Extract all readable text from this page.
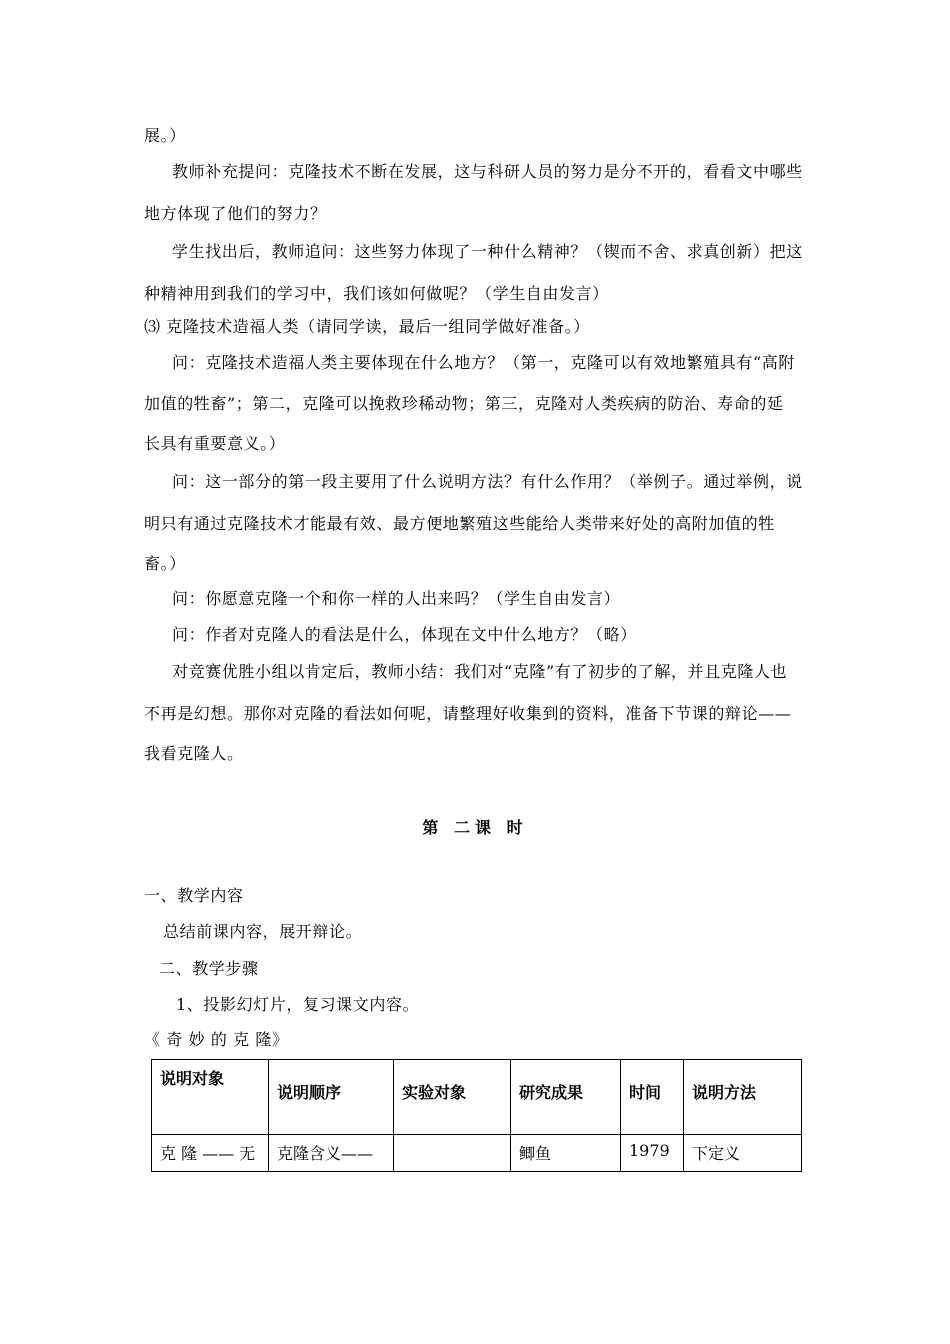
展。）
教师补充提问：克隆技术不断在发展，这与科研人员的努力是分不开的，看看文中哪些
地方体现了他们的努力？
学生找出后，教师追问：这些努力体现了一种什么精神？（锲而不舍、求真创新）把这
种精神用到我们的学习中，我们该如何做呢？（学生自由发言）
⑶ 克隆技术造福人类（请同学读，最后一组同学做好准备。）
问：克隆技术造福人类主要体现在什么地方？（第一，克隆可以有效地繁殖具有“高附
加值的牲畜”；第二，克隆可以挽救珍稀动物；第三，克隆对人类疾病的防治、寿命的延
长具有重要意义。）
问：这一部分的第一段主要用了什么说明方法？有什么作用？（举例子。通过举例，说
明只有通过克隆技术才能最有效、最方便地繁殖这些能给人类带来好处的高附加值的牲
畜。）
问：你愿意克隆一个和你一样的人出来吗？（学生自由发言）
问：作者对克隆人的看法是什么，体现在文中什么地方？（略）
对竞赛优胜小组以肯定后，教师小结：我们对“克隆”有了初步的了解，并且克隆人也
不再是幻想。那你对克隆的看法如何呢，请整理好收集到的资料，准备下节课的辩论——
我看克隆人。
第 二课 时
一、教学内容
总结前课内容，展开辩论。
二、教学步骤
1、投影幻灯片，复习课文内容。
《 奇 妙 的 克 隆》
说明对象	说明顺序	实验对象	研究成果	时间	说明方法

克 隆 —— 无	克隆含义——		鲫鱼	1979	下定义
